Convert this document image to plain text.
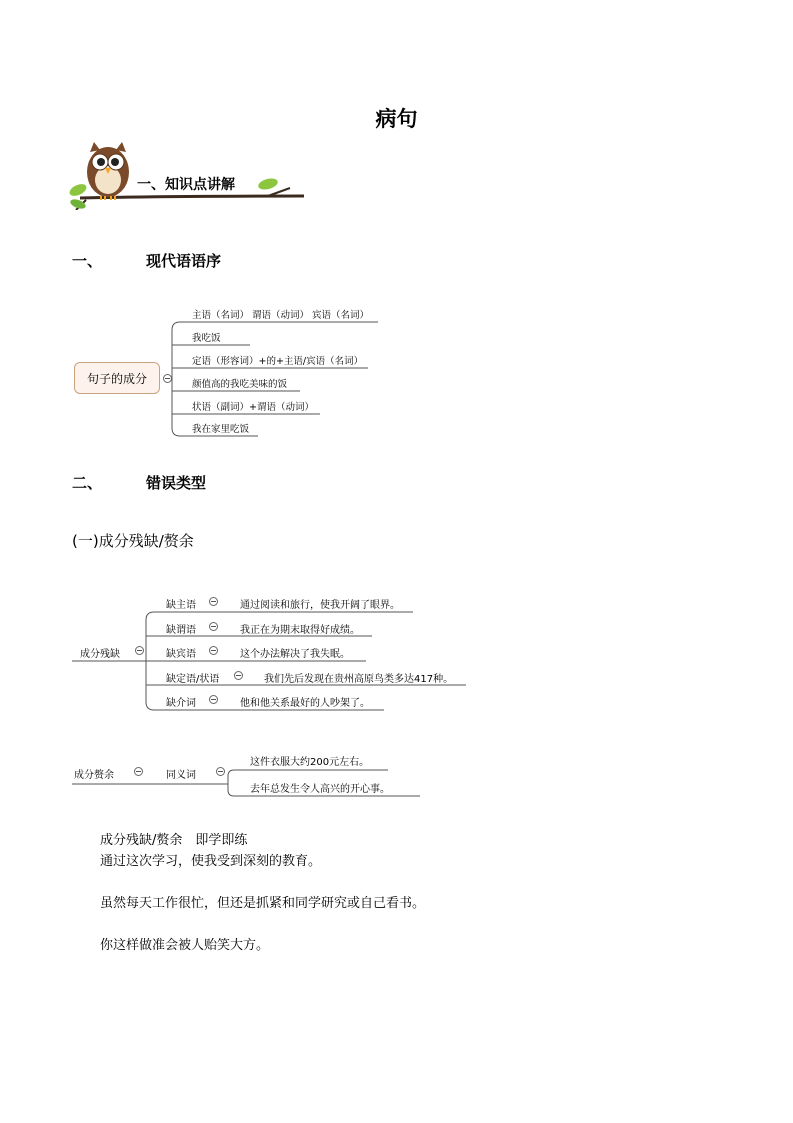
病句
一、知识点讲解
一、	现代语语序
句子的成分
主语（名词） 谓语（动词） 宾语（名词）
我吃饭
定语（形容词）+的+主语/宾语（名词）
颜值高的我吃美味的饭
状语（副词）+谓语（动词）
我在家里吃饭
二、	错误类型
(一)成分残缺/赘余
成分残缺
缺主语	通过阅读和旅行，使我开阔了眼界。
缺谓语	我正在为期末取得好成绩。
缺宾语	这个办法解决了我失眠。
缺定语/状语	我们先后发现在贵州高原鸟类多达417种。
缺介词	他和他关系最好的人吵架了。
成分赘余	同义词
这件衣服大约200元左右。
去年总发生令人高兴的开心事。
成分残缺/赘余　即学即练
通过这次学习，使我受到深刻的教育。
虽然每天工作很忙，但还是抓紧和同学研究或自己看书。
你这样做准会被人贻笑大方。
